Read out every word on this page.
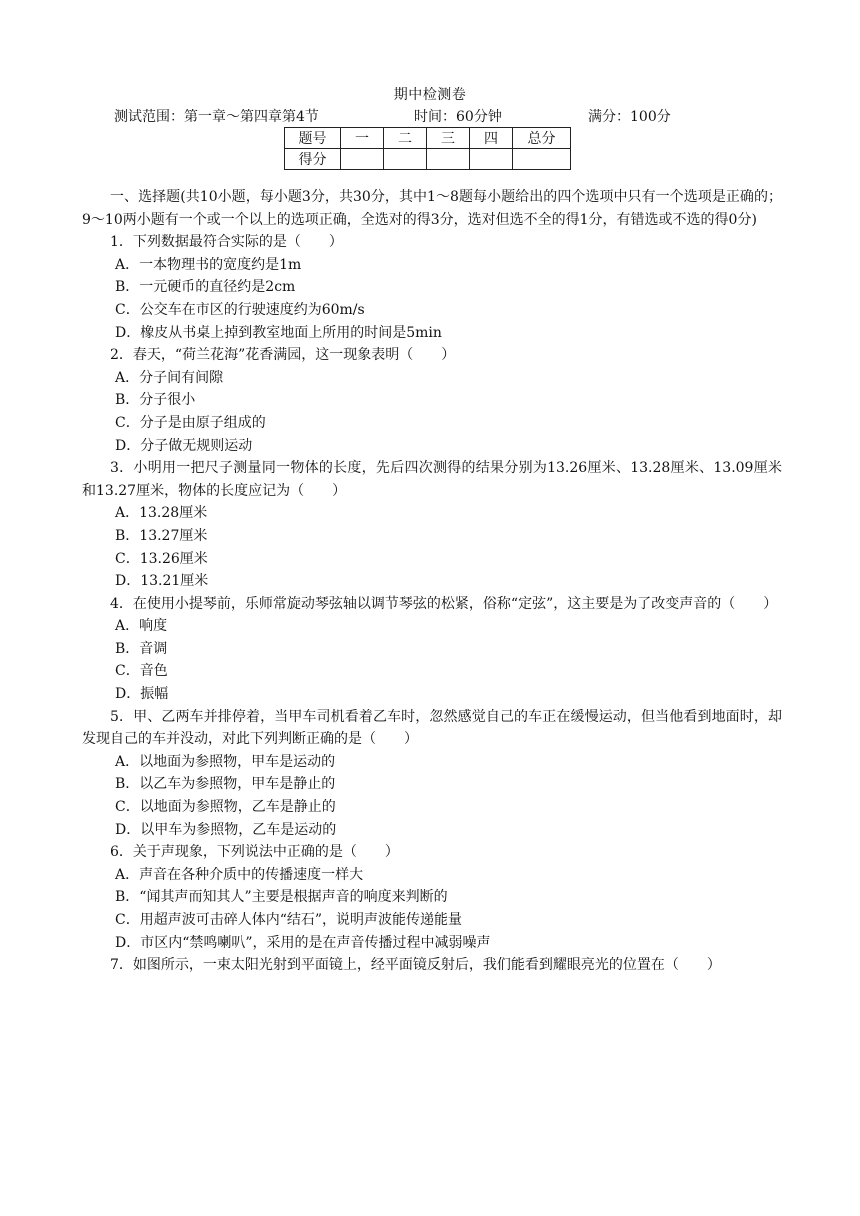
期中检测卷
测试范围：第一章～第四章第4节	时间：60分钟	满分：100分
题号	一	二	三	四	总分
得分					

一、选择题(共10小题，每小题3分，共30分，其中1～8题每小题给出的四个选项中只有一个选项是正确的；9～10两小题有一个或一个以上的选项正确，全选对的得3分，选对但选不全的得1分，有错选或不选的得0分)

1．下列数据最符合实际的是（　　）

A．一本物理书的宽度约是1m

B．一元硬币的直径约是2cm

C．公交车在市区的行驶速度约为60m/s

D．橡皮从书桌上掉到教室地面上所用的时间是5min

2．春天，“荷兰花海”花香满园，这一现象表明（　　）

A．分子间有间隙

B．分子很小

C．分子是由原子组成的

D．分子做无规则运动

3．小明用一把尺子测量同一物体的长度，先后四次测得的结果分别为13.26厘米、13.28厘米、13.09厘米和13.27厘米，物体的长度应记为（　　）

A．13.28厘米

B．13.27厘米

C．13.26厘米

D．13.21厘米

4．在使用小提琴前，乐师常旋动琴弦轴以调节琴弦的松紧，俗称“定弦”，这主要是为了改变声音的（　　）

A．响度

B．音调

C．音色

D．振幅

5．甲、乙两车并排停着，当甲车司机看着乙车时，忽然感觉自己的车正在缓慢运动，但当他看到地面时，却发现自己的车并没动，对此下列判断正确的是（　　）

A．以地面为参照物，甲车是运动的

B．以乙车为参照物，甲车是静止的

C．以地面为参照物，乙车是静止的

D．以甲车为参照物，乙车是运动的

6．关于声现象，下列说法中正确的是（　　）

A．声音在各种介质中的传播速度一样大

B．“闻其声而知其人”主要是根据声音的响度来判断的

C．用超声波可击碎人体内“结石”，说明声波能传递能量

D．市区内“禁鸣喇叭”，采用的是在声音传播过程中减弱噪声

7．如图所示，一束太阳光射到平面镜上，经平面镜反射后，我们能看到耀眼亮光的位置在（　　）
